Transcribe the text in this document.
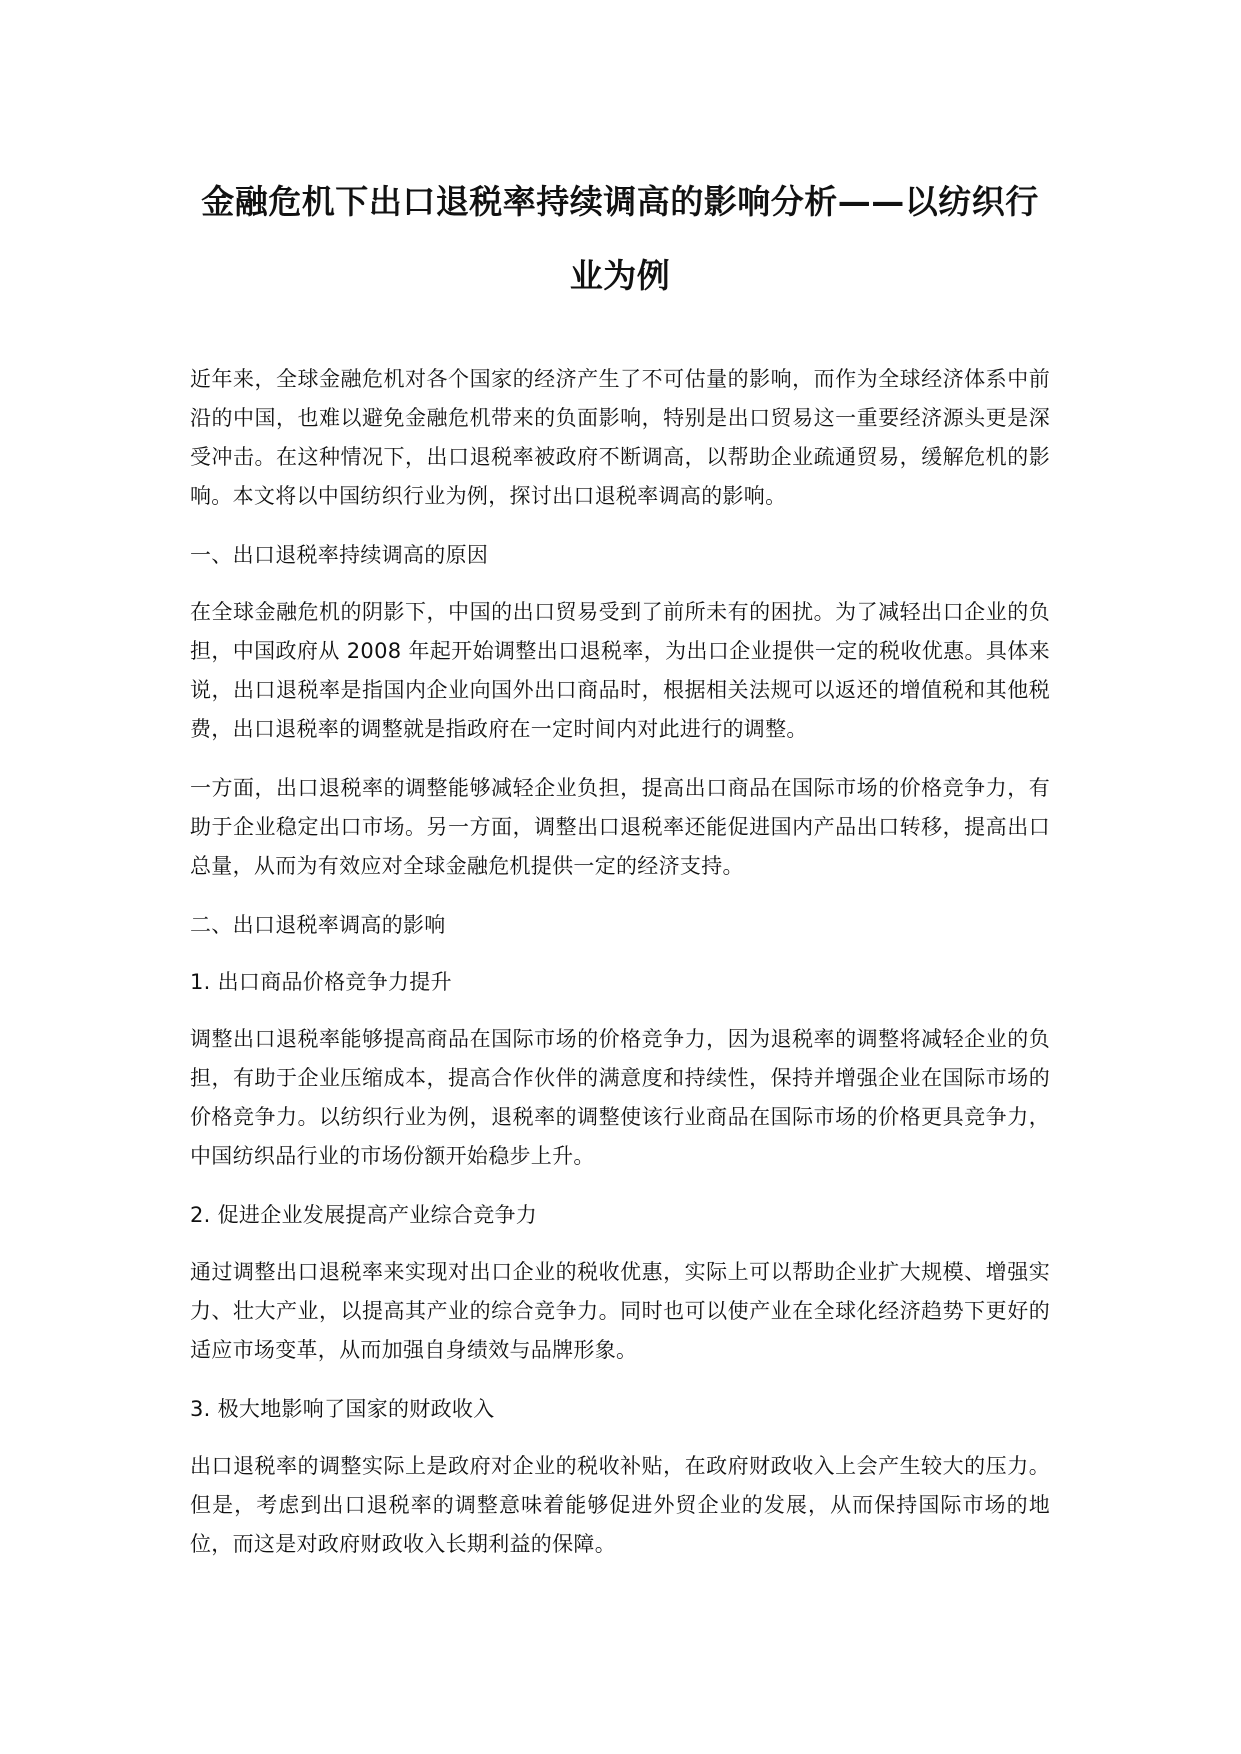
金融危机下出口退税率持续调高的影响分析——以纺织行
业为例

近年来，全球金融危机对各个国家的经济产生了不可估量的影响，而作为全球经济体系中前沿的中国，也难以避免金融危机带来的负面影响，特别是出口贸易这一重要经济源头更是深受冲击。在这种情况下，出口退税率被政府不断调高，以帮助企业疏通贸易，缓解危机的影响。本文将以中国纺织行业为例，探讨出口退税率调高的影响。

一、出口退税率持续调高的原因

在全球金融危机的阴影下，中国的出口贸易受到了前所未有的困扰。为了减轻出口企业的负担，中国政府从 2008 年起开始调整出口退税率，为出口企业提供一定的税收优惠。具体来说，出口退税率是指国内企业向国外出口商品时，根据相关法规可以返还的增值税和其他税费，出口退税率的调整就是指政府在一定时间内对此进行的调整。

一方面，出口退税率的调整能够减轻企业负担，提高出口商品在国际市场的价格竞争力，有助于企业稳定出口市场。另一方面，调整出口退税率还能促进国内产品出口转移，提高出口总量，从而为有效应对全球金融危机提供一定的经济支持。

二、出口退税率调高的影响

1. 出口商品价格竞争力提升

调整出口退税率能够提高商品在国际市场的价格竞争力，因为退税率的调整将减轻企业的负担，有助于企业压缩成本，提高合作伙伴的满意度和持续性，保持并增强企业在国际市场的价格竞争力。以纺织行业为例，退税率的调整使该行业商品在国际市场的价格更具竞争力，中国纺织品行业的市场份额开始稳步上升。

2. 促进企业发展提高产业综合竞争力

通过调整出口退税率来实现对出口企业的税收优惠，实际上可以帮助企业扩大规模、增强实力、壮大产业，以提高其产业的综合竞争力。同时也可以使产业在全球化经济趋势下更好的适应市场变革，从而加强自身绩效与品牌形象。

3. 极大地影响了国家的财政收入

出口退税率的调整实际上是政府对企业的税收补贴，在政府财政收入上会产生较大的压力。但是，考虑到出口退税率的调整意味着能够促进外贸企业的发展，从而保持国际市场的地位，而这是对政府财政收入长期利益的保障。
